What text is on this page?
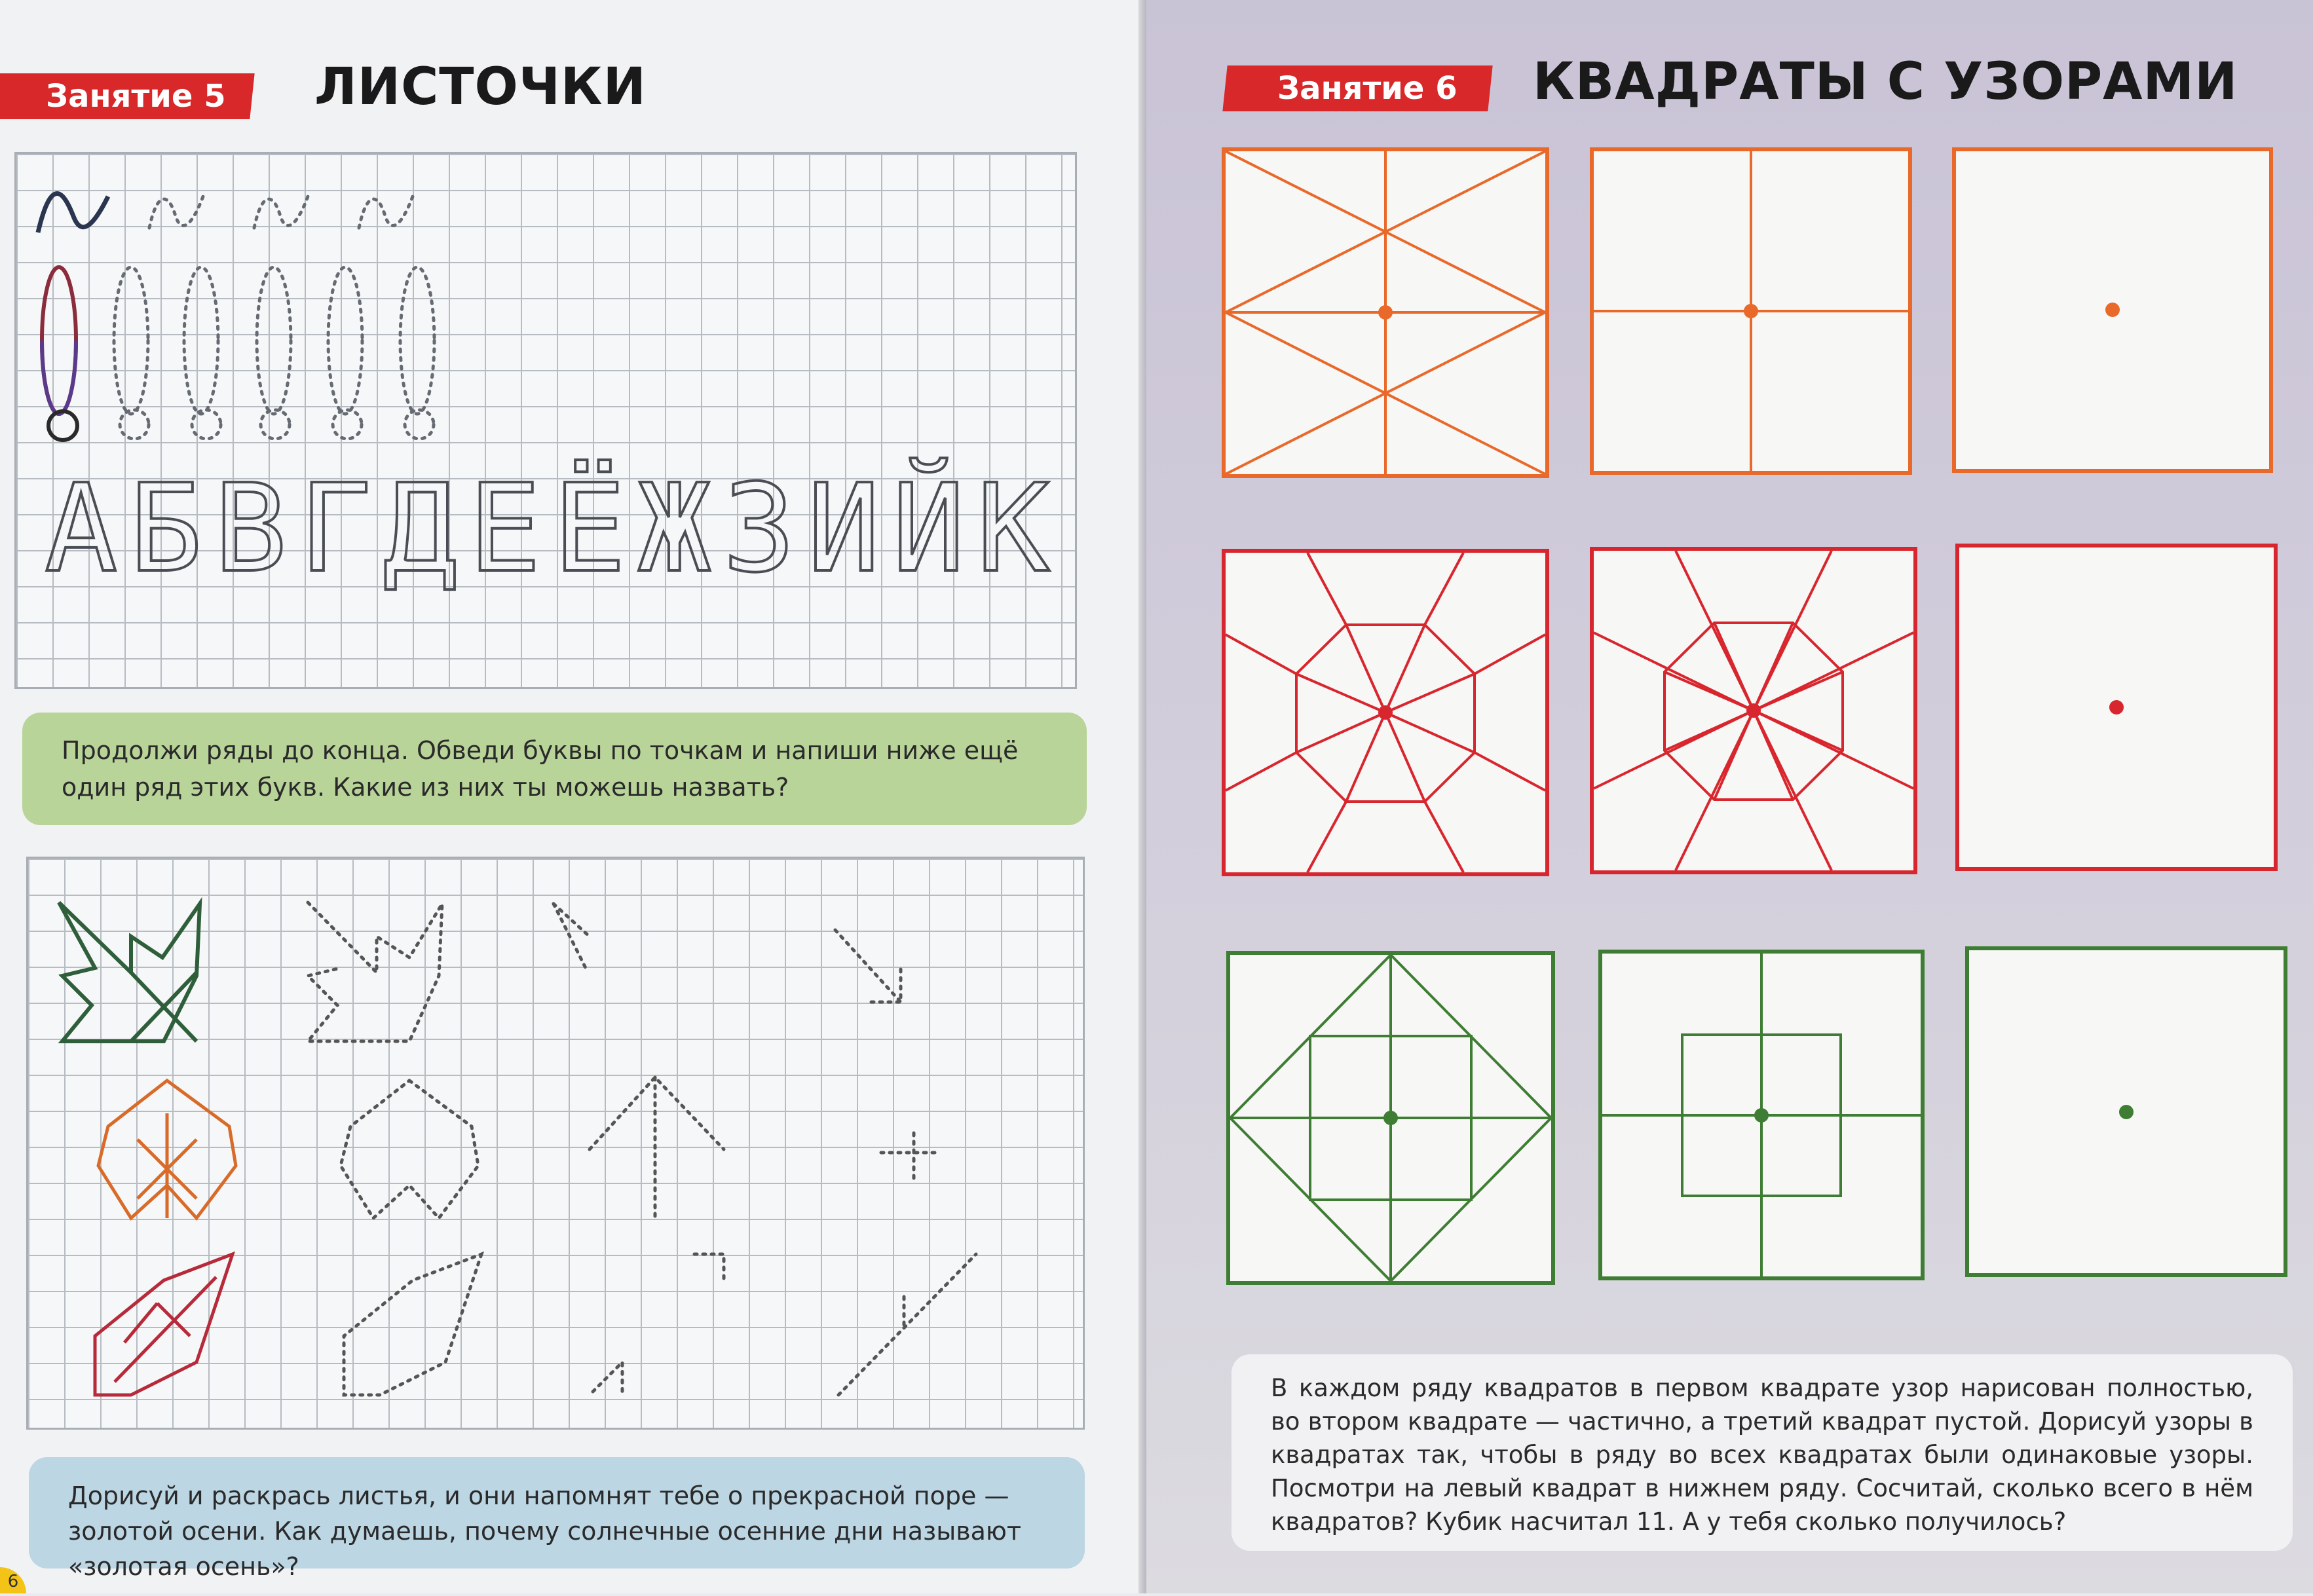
Занятие 5	ЛИСТОЧКИ
АБВГДЕЁЖЗИЙК

Продолжи ряды до конца. Обведи буквы по точкам и напиши ниже ещё один ряд этих букв. Какие из них ты можешь назвать?

Дорисуй и раскрась листья, и они напомнят тебе о прекрасной поре — золотой осени. Как думаешь, почему солнечные осенние дни называют «золотая осень»?

6
Занятие 6	КВАДРАТЫ С УЗОРАМИ

В каждом ряду квадратов в первом квадрате узор нарисован полностью, во втором квадрате — частично, а третий квадрат пустой. Дорисуй узоры в квадратах так, чтобы в ряду во всех квадратах были одинаковые узоры. Посмотри на левый квадрат в нижнем ряду. Сосчитай, сколько всего в нём квадратов? Кубик насчитал 11. А у тебя сколько получилось?
